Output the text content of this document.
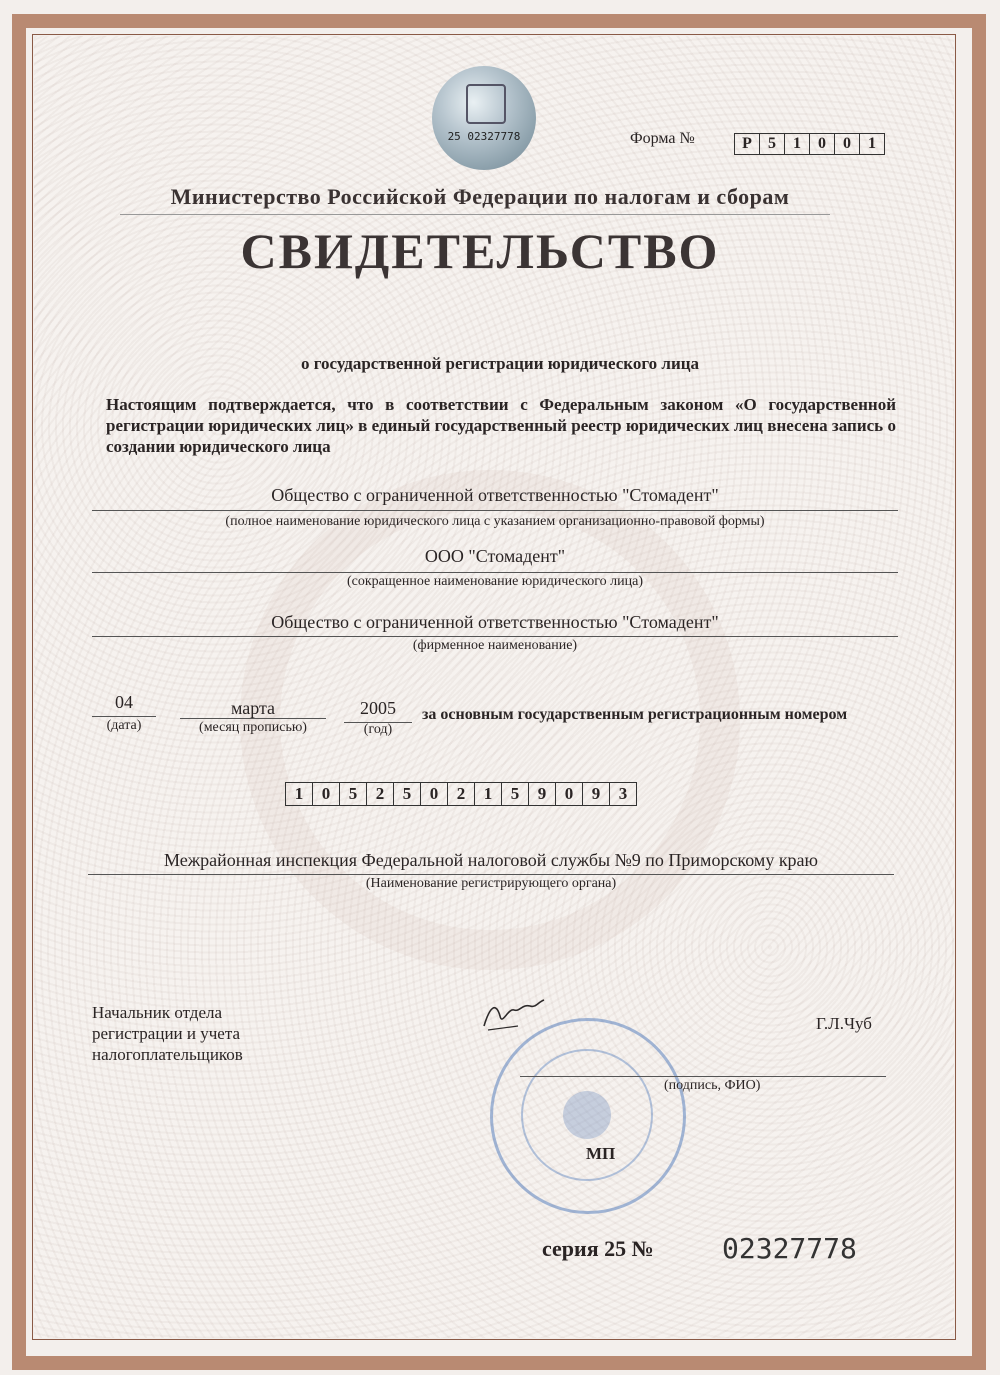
25 02327778	Форма №	Р	5	1	0	0	1
Министерство Российской Федерации по налогам и сборам
СВИДЕТЕЛЬСТВО
о государственной регистрации юридического лица
Настоящим подтверждается, что в соответствии с Федеральным законом «О государственной регистрации юридических лиц» в единый государственный реестр юридических лиц внесена запись о создании юридического лица
Общество с ограниченной ответственностью "Стомадент"
(полное наименование юридического лица с указанием организационно-правовой формы)
ООО "Стомадент"
(сокращенное наименование юридического лица)
Общество с ограниченной ответственностью "Стомадент"
(фирменное наименование)
04
(дата)
марта
(месяц прописью)
2005
(год)
за основным государственным регистрационным номером
1	0	5	2	5	0	2	1	5	9	0	9	3
Межрайонная инспекция Федеральной налоговой службы №9 по Приморскому краю
(Наименование регистрирующего органа)
Начальник отдела
регистрации и учета
налогоплательщиков
Г.Л.Чуб
(подпись, ФИО)
МП
серия 25 № 02327778
